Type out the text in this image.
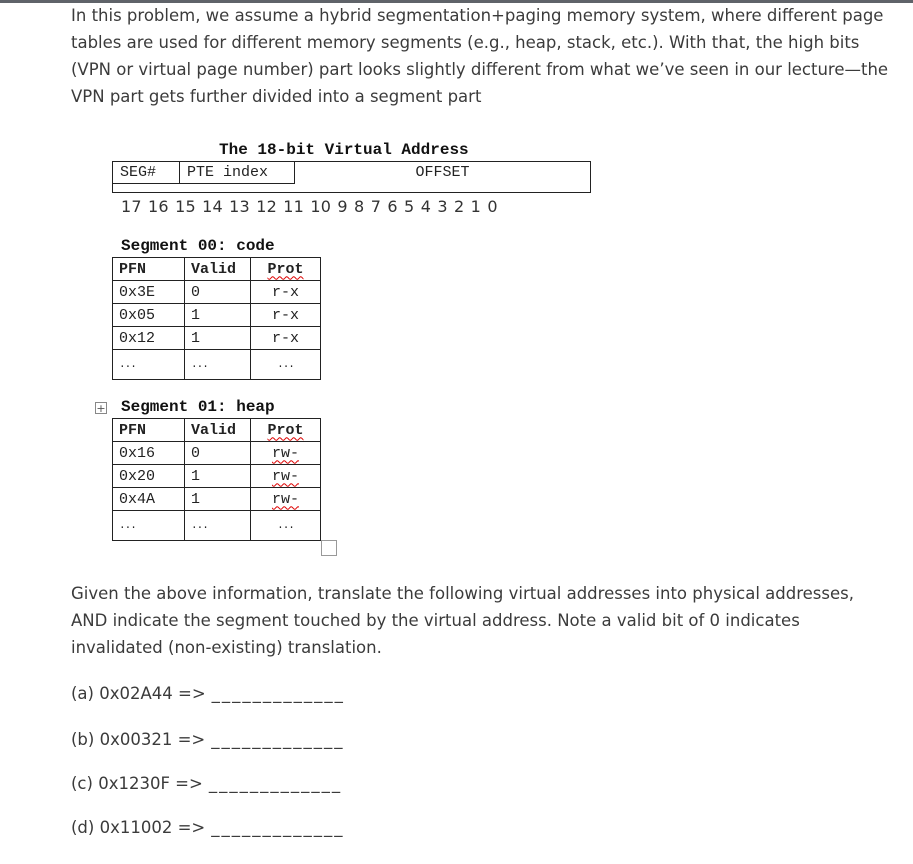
In this problem, we assume a hybrid segmentation+paging memory system, where different page tables are used for different memory segments (e.g., heap, stack, etc.). With that, the high bits (VPN or virtual page number) part looks slightly different from what we’ve seen in our lecture—the VPN part gets further divided into a segment part
The 18-bit Virtual Address
SEG#	PTE index	OFFSET
17 16 15 14 13 12 11 10 9 8 7 6 5 4 3 2 1 0
Segment 00: code
PFN	Valid	Prot
0x3E	0	r-x
0x05	1	r-x
0x12	1	r-x
...	...	...
+ Segment 01: heap
PFN	Valid	Prot
0x16	0	rw-
0x20	1	rw-
0x4A	1	rw-
...	...	...
Given the above information, translate the following virtual addresses into physical addresses, AND indicate the segment touched by the virtual address. Note a valid bit of 0 indicates invalidated (non-existing) translation.
(a) 0x02A44 => _____________
(b) 0x00321 => _____________
(c) 0x1230F => _____________
(d) 0x11002 => _____________
